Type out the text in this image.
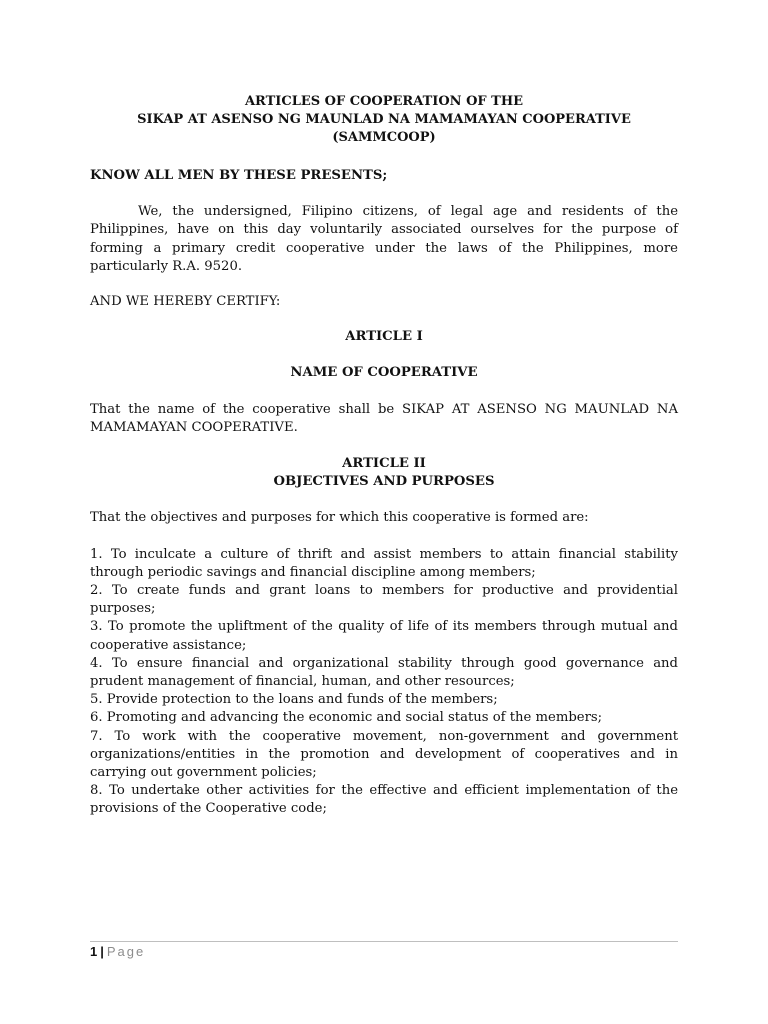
ARTICLES OF COOPERATION OF THE

SIKAP AT ASENSO NG MAUNLAD NA MAMAMAYAN COOPERATIVE

(SAMMCOOP)

KNOW ALL MEN BY THESE PRESENTS;

We, the undersigned, Filipino citizens, of legal age and residents of the Philippines, have on this day voluntarily associated ourselves for the purpose of forming a primary credit cooperative under the laws of the Philippines, more particularly R.A. 9520.

AND WE HEREBY CERTIFY:

ARTICLE I

NAME OF COOPERATIVE

That the name of the cooperative shall be SIKAP AT ASENSO NG MAUNLAD NA MAMAMAYAN COOPERATIVE.

ARTICLE II

OBJECTIVES AND PURPOSES

That the objectives and purposes for which this cooperative is formed are:

1. To inculcate a culture of thrift and assist members to attain financial stability through periodic savings and financial discipline among members;
2. To create funds and grant loans to members for productive and providential purposes;
3. To promote the upliftment of the quality of life of its members through mutual and cooperative assistance;
4. To ensure financial and organizational stability through good governance and prudent management of financial, human, and other resources;
5. Provide protection to the loans and funds of the members;
6. Promoting and advancing the economic and social status of the members;
7. To work with the cooperative movement, non-government and government organizations/entities in the promotion and development of cooperatives and in carrying out government policies;
8. To undertake other activities for the effective and efficient implementation of the provisions of the Cooperative code;
1 | Page
